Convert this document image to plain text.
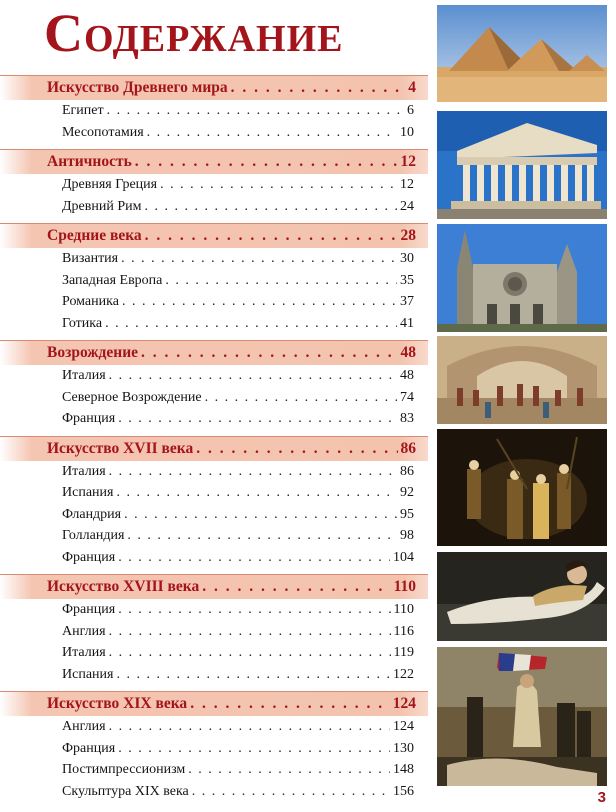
Содержание
Искусство Древнего мира . . .	4
Египет . . .	6
Месопотамия . . .	10
Античность . . .	12
Древняя Греция . . .	12
Древний Рим . . .	24
Средние века . . .	28
Византия . . .	30
Западная Европа . . .	35
Романика . . .	37
Готика . . .	41
Возрождение . . .	48
Италия . . .	48
Северное Возрождение . . .	74
Франция . . .	83
Искусство XVII века . . .	86
Италия . . .	86
Испания . . .	92
Фландрия . . .	95
Голландия . . .	98
Франция . . .	104
Искусство XVIII века . . .	110
Франция . . .	110
Англия . . .	116
Италия . . .	119
Испания . . .	122
Искусство XIX века . . .	124
Англия . . .	124
Франция . . .	130
Постимпрессионизм . . .	148
Скульптура XIX века . . .	156	3
